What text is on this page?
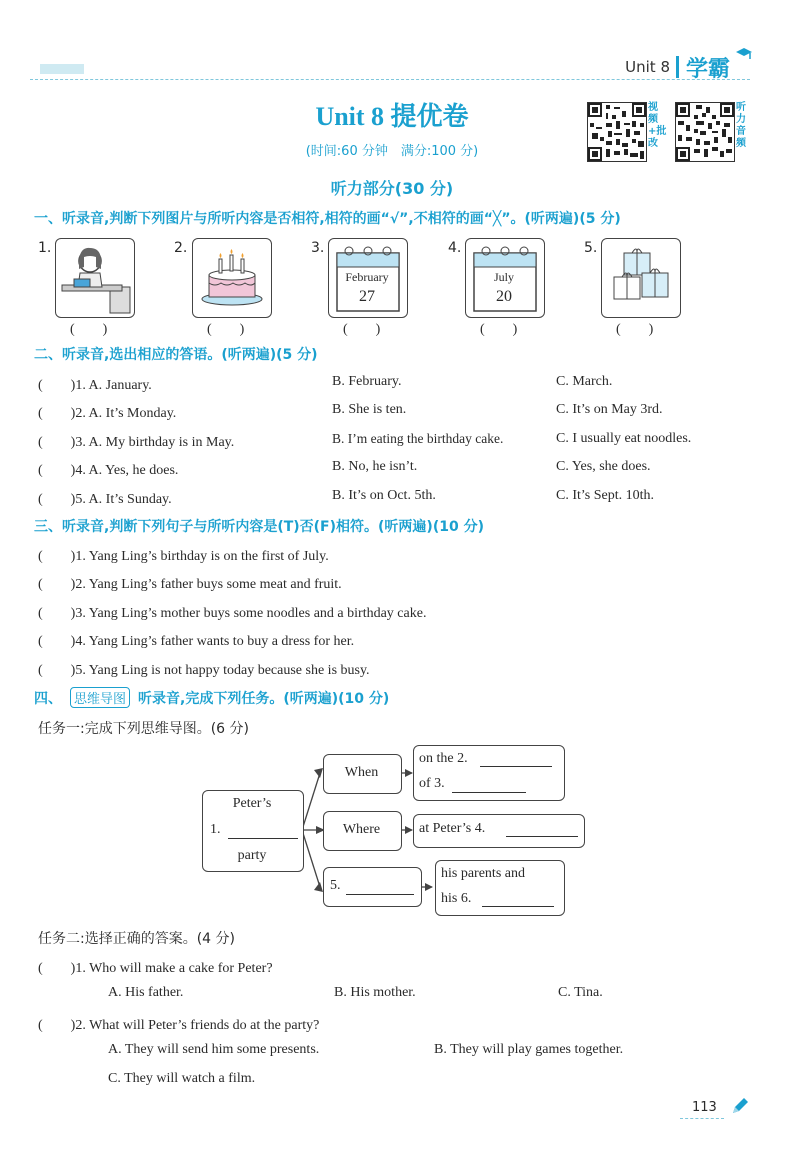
Unit 8 学霸
Unit 8 提优卷
(时间:60 分钟　满分:100 分)
视频+批改
听力音频
听力部分(30 分)
一、听录音,判断下列图片与所听内容是否相符,相符的画“√”,不相符的画“╳”。(听两遍)(5 分)
1.
(　　)
2.
(　　)
3.
February
27
(　　)
4.
July
20
(　　)
5.
(　　)
二、听录音,选出相应的答语。(听两遍)(5 分)
(　　)1. A. January.	B. February.	C. March.
(　　)2. A. It’s Monday.	B. She is ten.	C. It’s on May 3rd.
(　　)3. A. My birthday is in May.	B. I’m eating the birthday cake.	C. I usually eat noodles.
(　　)4. A. Yes, he does.	B. No, he isn’t.	C. Yes, she does.
(　　)5. A. It’s Sunday.	B. It’s on Oct. 5th.	C. It’s Sept. 10th.
三、听录音,判断下列句子与所听内容是(T)否(F)相符。(听两遍)(10 分)
(　　)1. Yang Ling’s birthday is on the first of July.
(　　)2. Yang Ling’s father buys some meat and fruit.
(　　)3. Yang Ling’s mother buys some noodles and a birthday cake.
(　　)4. Yang Ling’s father wants to buy a dress for her.
(　　)5. Yang Ling is not happy today because she is busy.
四、 思维导图 听录音,完成下列任务。(听两遍)(10 分)
任务一:完成下列思维导图。(6 分)
Peter’s
1.
party
When
Where
5.
on the 2.
of 3.
at Peter’s 4.
his parents and
his 6.
任务二:选择正确的答案。(4 分)
(　　)1. Who will make a cake for Peter?
A. His father.	B. His mother.	C. Tina.
(　　)2. What will Peter’s friends do at the party?
A. They will send him some presents.	B. They will play games together.
C. They will watch a film.
113
